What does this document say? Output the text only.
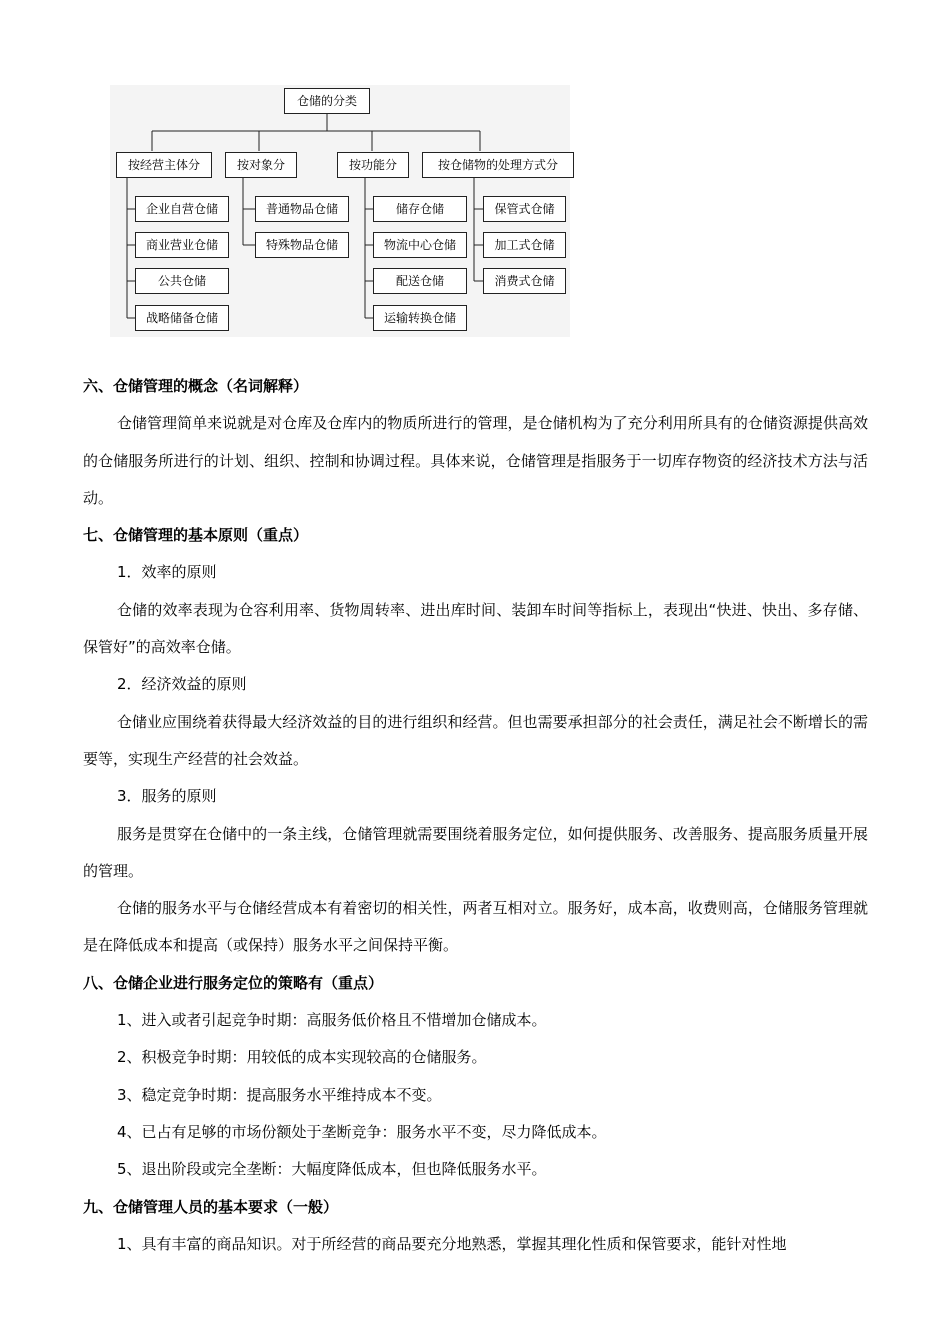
仓储的分类
按经营主体分	按对象分	按功能分	按仓储物的处理方式分
企业自营仓储
商业营业仓储
公共仓储
战略储备仓储
普通物品仓储
特殊物品仓储
储存仓储
物流中心仓储
配送仓储
运输转换仓储
保管式仓储
加工式仓储
消费式仓储
六、仓储管理的概念（名词解释）
仓储管理简单来说就是对仓库及仓库内的物质所进行的管理，是仓储机构为了充分利用所具有的仓储资源提供高效的仓储服务所进行的计划、组织、控制和协调过程。具体来说，仓储管理是指服务于一切库存物资的经济技术方法与活动。
七、仓储管理的基本原则（重点）
1．效率的原则
仓储的效率表现为仓容利用率、货物周转率、进出库时间、装卸车时间等指标上，表现出“快进、快出、多存储、保管好”的高效率仓储。
2．经济效益的原则
仓储业应围绕着获得最大经济效益的目的进行组织和经营。但也需要承担部分的社会责任，满足社会不断增长的需要等，实现生产经营的社会效益。
3．服务的原则
服务是贯穿在仓储中的一条主线，仓储管理就需要围绕着服务定位，如何提供服务、改善服务、提高服务质量开展的管理。
仓储的服务水平与仓储经营成本有着密切的相关性，两者互相对立。服务好，成本高，收费则高，仓储服务管理就是在降低成本和提高（或保持）服务水平之间保持平衡。
八、仓储企业进行服务定位的策略有（重点）
1、进入或者引起竞争时期：高服务低价格且不惜增加仓储成本。
2、积极竞争时期：用较低的成本实现较高的仓储服务。
3、稳定竞争时期：提高服务水平维持成本不变。
4、已占有足够的市场份额处于垄断竞争：服务水平不变，尽力降低成本。
5、退出阶段或完全垄断：大幅度降低成本，但也降低服务水平。
九、仓储管理人员的基本要求（一般）
1、具有丰富的商品知识。对于所经营的商品要充分地熟悉，掌握其理化性质和保管要求，能针对性地
